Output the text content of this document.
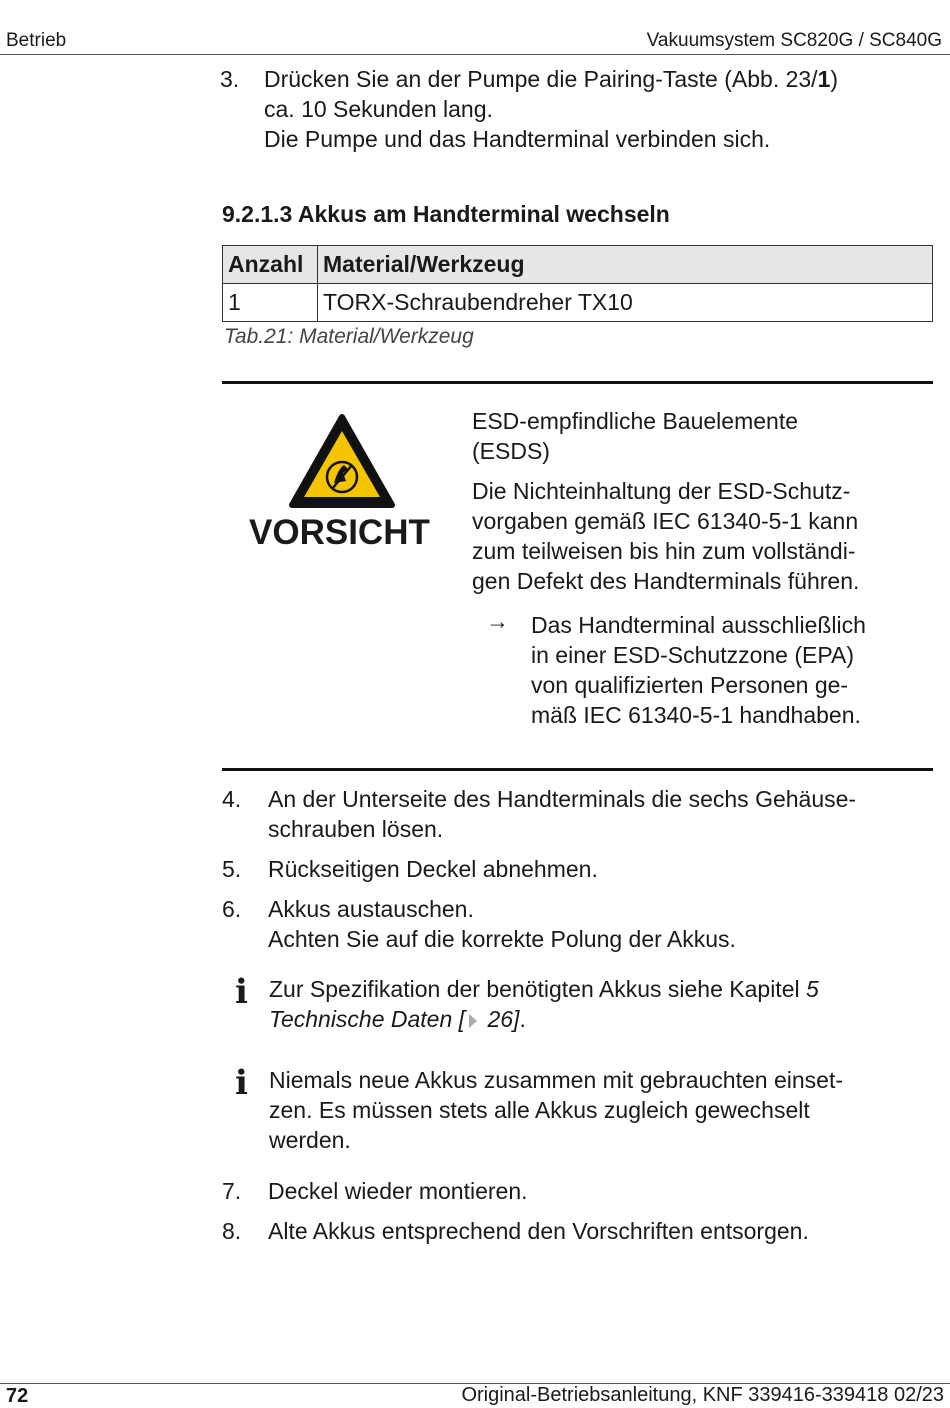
Betrieb	Vakuumsystem SC820G / SC840G
3.	Drücken Sie an der Pumpe die Pairing-Taste (Abb. 23/1)
ca. 10 Sekunden lang.
Die Pumpe und das Handterminal verbinden sich.
9.2.1.3 Akkus am Handterminal wechseln
Anzahl	Material/Werkzeug
1	TORX-Schraubendreher TX10
Tab.21: Material/Werkzeug
VORSICHT
ESD-empfindliche Bauelemente
(ESDS)
Die Nichteinhaltung der ESD-Schutz-
vorgaben gemäß IEC 61340-5-1 kann
zum teilweisen bis hin zum vollständi-
gen Defekt des Handterminals führen.
→ Das Handterminal ausschließlich
in einer ESD-Schutzzone (EPA)
von qualifizierten Personen ge-
mäß IEC 61340-5-1 handhaben.
4.	An der Unterseite des Handterminals die sechs Gehäuse-
schrauben lösen.
5.	Rückseitigen Deckel abnehmen.
6.	Akkus austauschen.
Achten Sie auf die korrekte Polung der Akkus.
i Zur Spezifikation der benötigten Akkus siehe Kapitel 5
Technische Daten [ 26].
i Niemals neue Akkus zusammen mit gebrauchten einset-
zen. Es müssen stets alle Akkus zugleich gewechselt
werden.
7.	Deckel wieder montieren.
8.	Alte Akkus entsprechend den Vorschriften entsorgen.
72	Original-Betriebsanleitung, KNF 339416-339418 02/23
